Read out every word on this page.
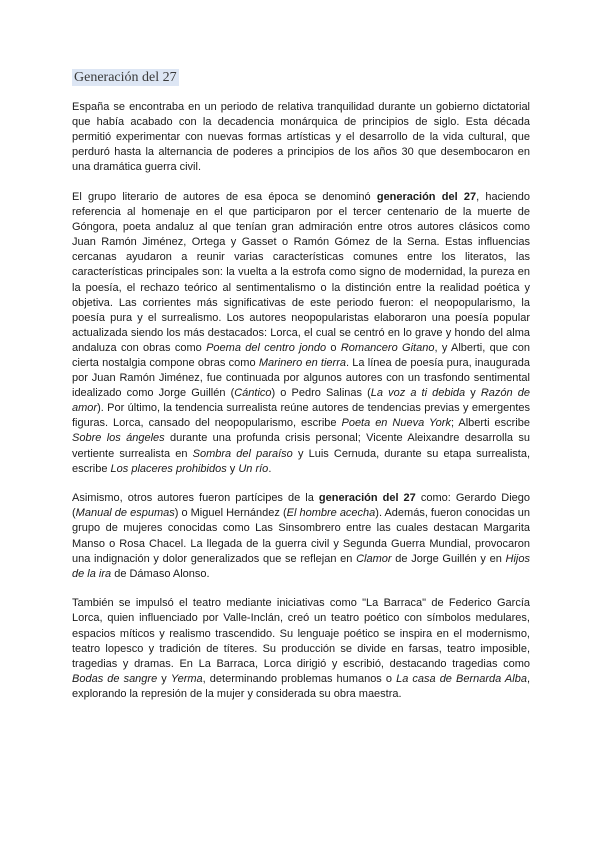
Generación del 27

España se encontraba en un periodo de relativa tranquilidad durante un gobierno dictatorial que había acabado con la decadencia monárquica de principios de siglo. Esta década permitió experimentar con nuevas formas artísticas y el desarrollo de la vida cultural, que perduró hasta la alternancia de poderes a principios de los años 30 que desembocaron en una dramática guerra civil.

El grupo literario de autores de esa época se denominó generación del 27, haciendo referencia al homenaje en el que participaron por el tercer centenario de la muerte de Góngora, poeta andaluz al que tenían gran admiración entre otros autores clásicos como Juan Ramón Jiménez, Ortega y Gasset o Ramón Gómez de la Serna. Estas influencias cercanas ayudaron a reunir varias características comunes entre los literatos, las características principales son: la vuelta a la estrofa como signo de modernidad, la pureza en la poesía, el rechazo teórico al sentimentalismo o la distinción entre la realidad poética y objetiva. Las corrientes más significativas de este periodo fueron: el neopopularismo, la poesía pura y el surrealismo. Los autores neopopularistas elaboraron una poesía popular actualizada siendo los más destacados: Lorca, el cual se centró en lo grave y hondo del alma andaluza con obras como Poema del centro jondo o Romancero Gitano, y Alberti, que con cierta nostalgia compone obras como Marinero en tierra. La línea de poesía pura, inaugurada por Juan Ramón Jiménez, fue continuada por algunos autores con un trasfondo sentimental idealizado como Jorge Guillén (Cántico) o Pedro Salinas (La voz a ti debida y Razón de amor). Por último, la tendencia surrealista reúne autores de tendencias previas y emergentes figuras. Lorca, cansado del neopopularismo, escribe Poeta en Nueva York; Alberti escribe Sobre los ángeles durante una profunda crisis personal; Vicente Aleixandre desarrolla su vertiente surrealista en Sombra del paraíso y Luis Cernuda, durante su etapa surrealista, escribe Los placeres prohibidos y Un río.

Asimismo, otros autores fueron partícipes de la generación del 27 como: Gerardo Diego (Manual de espumas) o Miguel Hernández (El hombre acecha). Además, fueron conocidas un grupo de mujeres conocidas como Las Sinsombrero entre las cuales destacan Margarita Manso o Rosa Chacel. La llegada de la guerra civil y Segunda Guerra Mundial, provocaron una indignación y dolor generalizados que se reflejan en Clamor de Jorge Guillén y en Hijos de la ira de Dámaso Alonso.

También se impulsó el teatro mediante iniciativas como "La Barraca" de Federico García Lorca, quien influenciado por Valle-Inclán, creó un teatro poético con símbolos medulares, espacios míticos y realismo trascendido. Su lenguaje poético se inspira en el modernismo, teatro lopesco y tradición de títeres. Su producción se divide en farsas, teatro imposible, tragedias y dramas. En La Barraca, Lorca dirigió y escribió, destacando tragedias como Bodas de sangre y Yerma, determinando problemas humanos o La casa de Bernarda Alba, explorando la represión de la mujer y considerada su obra maestra.
